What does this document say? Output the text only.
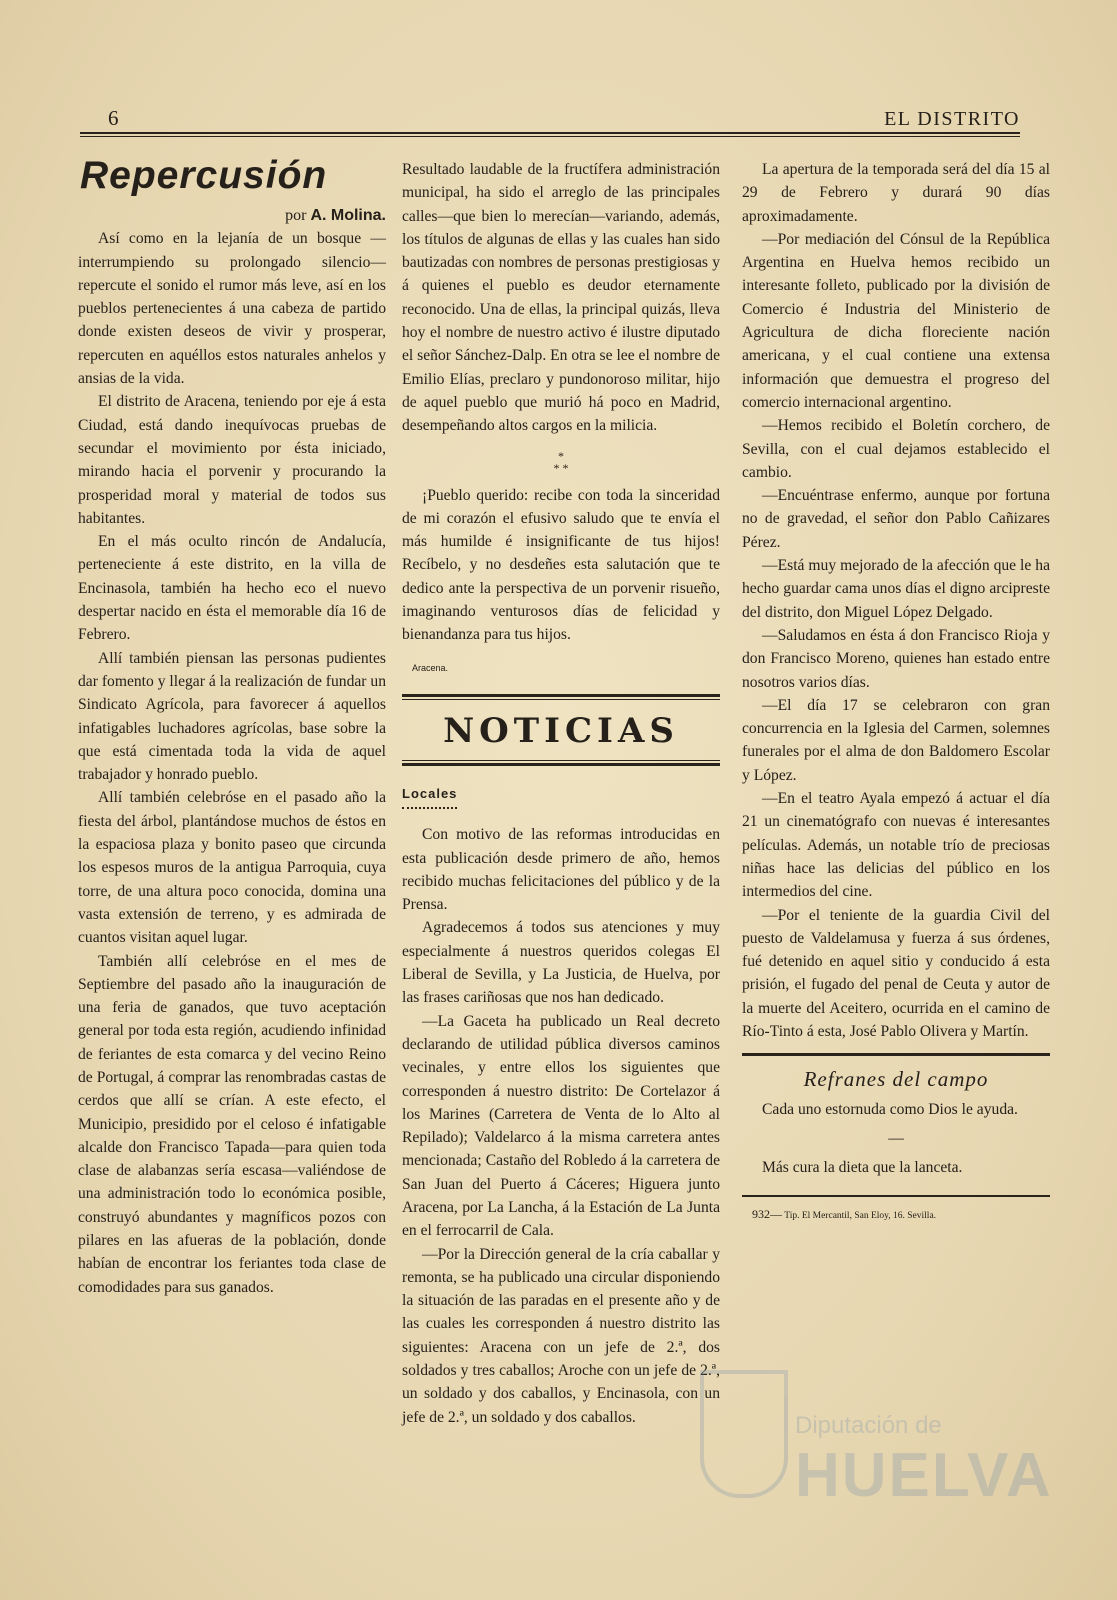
6	EL DISTRITO
Repercusión

por A. Molina.

Así como en la lejanía de un bosque —interrumpiendo su prolongado silencio—repercute el sonido el rumor más leve, así en los pueblos pertenecientes á una cabeza de partido donde existen deseos de vivir y prosperar, repercuten en aquéllos estos naturales anhelos y ansias de la vida.

El distrito de Aracena, teniendo por eje á esta Ciudad, está dando inequívocas pruebas de secundar el movimiento por ésta iniciado, mirando hacia el porvenir y procurando la prosperidad moral y material de todos sus habitantes.

En el más oculto rincón de Andalucía, perteneciente á este distrito, en la villa de Encinasola, también ha hecho eco el nuevo despertar nacido en ésta el memorable día 16 de Febrero.

Allí también piensan las personas pudientes dar fomento y llegar á la realización de fundar un Sindicato Agrícola, para favorecer á aquellos infatigables luchadores agrícolas, base sobre la que está cimentada toda la vida de aquel trabajador y honrado pueblo.

Allí también celebróse en el pasado año la fiesta del árbol, plantándose muchos de éstos en la espaciosa plaza y bonito paseo que circunda los espesos muros de la antigua Parroquia, cuya torre, de una altura poco conocida, domina una vasta extensión de terreno, y es admirada de cuantos visitan aquel lugar.

También allí celebróse en el mes de Septiembre del pasado año la inauguración de una feria de ganados, que tuvo aceptación general por toda esta región, acudiendo infinidad de feriantes de esta comarca y del vecino Reino de Portugal, á comprar las renombradas castas de cerdos que allí se crían. A este efecto, el Municipio, presidido por el celoso é infatigable alcalde don Francisco Tapada—para quien toda clase de alabanzas sería escasa—valiéndose de una administración todo lo económica posible, construyó abundantes y magníficos pozos con pilares en las afueras de la población, donde habían de encontrar los feriantes toda clase de comodidades para sus ganados.

Resultado laudable de la fructífera administración municipal, ha sido el arreglo de las principales calles—que bien lo merecían—variando, además, los títulos de algunas de ellas y las cuales han sido bautizadas con nombres de personas prestigiosas y á quienes el pueblo es deudor eternamente reconocido. Una de ellas, la principal quizás, lleva hoy el nombre de nuestro activo é ilustre diputado el señor Sánchez-Dalp. En otra se lee el nombre de Emilio Elías, preclaro y pundonoroso militar, hijo de aquel pueblo que murió há poco en Madrid, desempeñando altos cargos en la milicia.

*
* *

¡Pueblo querido: recibe con toda la sinceridad de mi corazón el efusivo saludo que te envía el más humilde é insignificante de tus hijos! Recíbelo, y no desdeñes esta salutación que te dedico ante la perspectiva de un porvenir risueño, imaginando venturosos días de felicidad y bienandanza para tus hijos.

Aracena.
NOTICIAS
Locales

Con motivo de las reformas introducidas en esta publicación desde primero de año, hemos recibido muchas felicitaciones del público y de la Prensa.

Agradecemos á todos sus atenciones y muy especialmente á nuestros queridos colegas El Liberal de Sevilla, y La Justicia, de Huelva, por las frases cariñosas que nos han dedicado.

—La Gaceta ha publicado un Real decreto declarando de utilidad pública diversos caminos vecinales, y entre ellos los siguientes que corresponden á nuestro distrito: De Cortelazor á los Marines (Carretera de Venta de lo Alto al Repilado); Valdelarco á la misma carretera antes mencionada; Castaño del Robledo á la carretera de San Juan del Puerto á Cáceres; Higuera junto Aracena, por La Lancha, á la Estación de La Junta en el ferrocarril de Cala.

—Por la Dirección general de la cría caballar y remonta, se ha publicado una circular disponiendo la situación de las paradas en el presente año y de las cuales les corresponden á nuestro distrito las siguientes: Aracena con un jefe de 2.ª, dos soldados y tres caballos; Aroche con un jefe de 2.ª, un soldado y dos caballos, y Encinasola, con un jefe de 2.ª, un soldado y dos caballos.

La apertura de la temporada será del día 15 al 29 de Febrero y durará 90 días aproximadamente.

—Por mediación del Cónsul de la República Argentina en Huelva hemos recibido un interesante folleto, publicado por la división de Comercio é Industria del Ministerio de Agricultura de dicha floreciente nación americana, y el cual contiene una extensa información que demuestra el progreso del comercio internacional argentino.

—Hemos recibido el Boletín corchero, de Sevilla, con el cual dejamos establecido el cambio.

—Encuéntrase enfermo, aunque por fortuna no de gravedad, el señor don Pablo Cañizares Pérez.

—Está muy mejorado de la afección que le ha hecho guardar cama unos días el digno arcipreste del distrito, don Miguel López Delgado.

—Saludamos en ésta á don Francisco Rioja y don Francisco Moreno, quienes han estado entre nosotros varios días.

—El día 17 se celebraron con gran concurrencia en la Iglesia del Carmen, solemnes funerales por el alma de don Baldomero Escolar y López.

—En el teatro Ayala empezó á actuar el día 21 un cinematógrafo con nuevas é interesantes películas. Además, un notable trío de preciosas niñas hace las delicias del público en los intermedios del cine.

—Por el teniente de la guardia Civil del puesto de Valdelamusa y fuerza á sus órdenes, fué detenido en aquel sitio y conducido á esta prisión, el fugado del penal de Ceuta y autor de la muerte del Aceitero, ocurrida en el camino de Río-Tinto á esta, José Pablo Olivera y Martín.

Refranes del campo

Cada uno estornuda como Dios le ayuda.

—

Más cura la dieta que la lanceta.

932— Tip. El Mercantil, San Eloy, 16. Sevilla.
Diputación de
HUELVA
